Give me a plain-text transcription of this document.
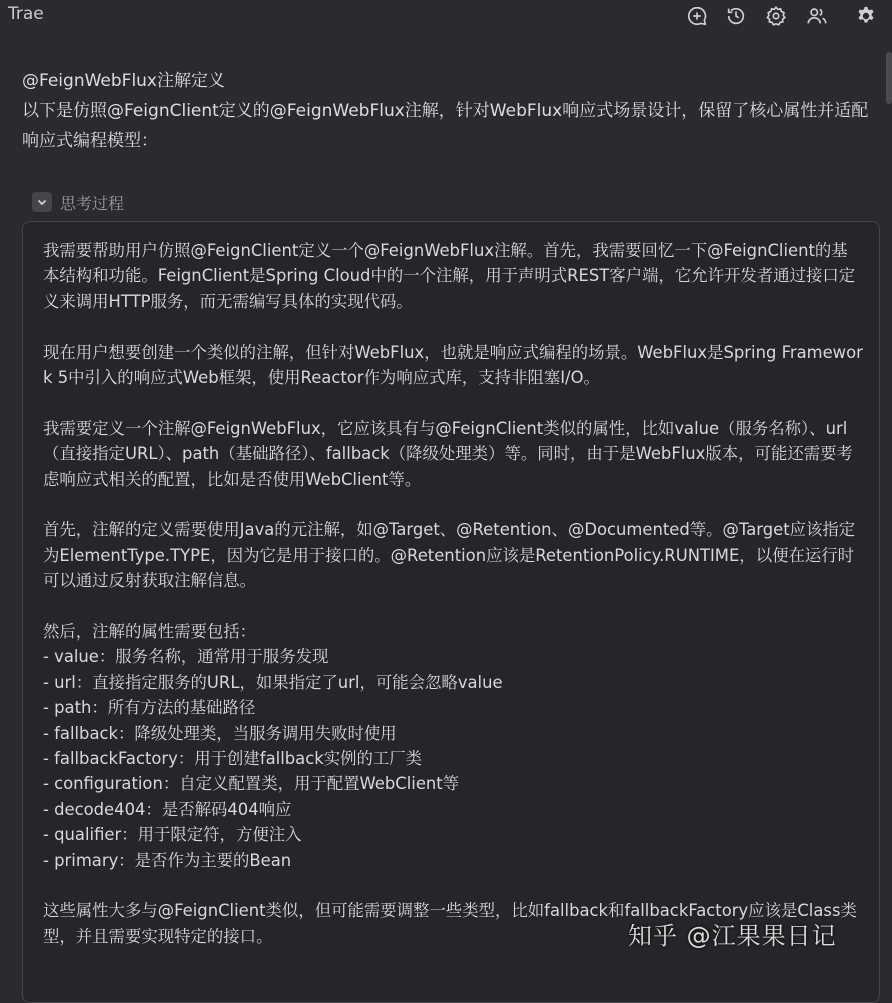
Trae
@FeignWebFlux注解定义
以下是仿照@FeignClient定义的@FeignWebFlux注解，针对WebFlux响应式场景设计，保留了核心属性并适配响应式编程模型：
思考过程

我需要帮助用户仿照@FeignClient定义一个@FeignWebFlux注解。首先，我需要回忆一下@FeignClient的基本结构和功能。FeignClient是Spring Cloud中的一个注解，用于声明式REST客户端，它允许开发者通过接口定义来调用HTTP服务，而无需编写具体的实现代码。

现在用户想要创建一个类似的注解，但针对WebFlux，也就是响应式编程的场景。WebFlux是Spring Framework 5中引入的响应式Web框架，使用Reactor作为响应式库，支持非阻塞I/O。

我需要定义一个注解@FeignWebFlux，它应该具有与@FeignClient类似的属性，比如value（服务名称）、url（直接指定URL）、path（基础路径）、fallback（降级处理类）等。同时，由于是WebFlux版本，可能还需要考虑响应式相关的配置，比如是否使用WebClient等。

首先，注解的定义需要使用Java的元注解，如@Target、@Retention、@Documented等。@Target应该指定为ElementType.TYPE，因为它是用于接口的。@Retention应该是RetentionPolicy.RUNTIME，以便在运行时可以通过反射获取注解信息。

然后，注解的属性需要包括：
- value：服务名称，通常用于服务发现
- url：直接指定服务的URL，如果指定了url，可能会忽略value
- path：所有方法的基础路径
- fallback：降级处理类，当服务调用失败时使用
- fallbackFactory：用于创建fallback实例的工厂类
- configuration：自定义配置类，用于配置WebClient等
- decode404：是否解码404响应
- qualifier：用于限定符，方便注入
- primary：是否作为主要的Bean

这些属性大多与@FeignClient类似，但可能需要调整一些类型，比如fallback和fallbackFactory应该是Class类型，并且需要实现特定的接口。	知乎 @江果果日记
